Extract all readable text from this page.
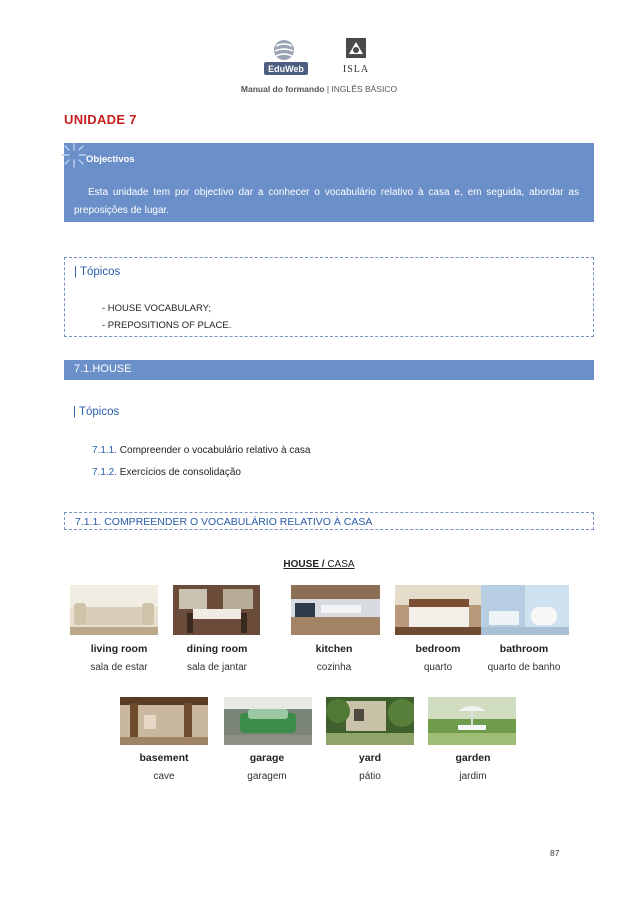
EduWeb	ISLA
Manual do formando | INGLÊS BÁSICO
UNIDADE 7
Objectivos
Esta unidade tem por objectivo dar a conhecer o vocabulário relativo à casa e, em seguida, abordar as preposições de lugar.
| Tópicos
- HOUSE VOCABULARY;
- PREPOSITIONS OF PLACE.
7.1.HOUSE
| Tópicos
7.1.1. Compreender o vocabulário relativo à casa
7.1.2. Exercícios de consolidação
7.1.1. COMPREENDER O VOCABULÁRIO RELATIVO À CASA
HOUSE / CASA
living room
sala de estar
dining room
sala de jantar
kitchen
cozinha
bedroom
quarto
bathroom
quarto de banho
basement
cave
garage
garagem
yard
pátio
garden
jardim
87
